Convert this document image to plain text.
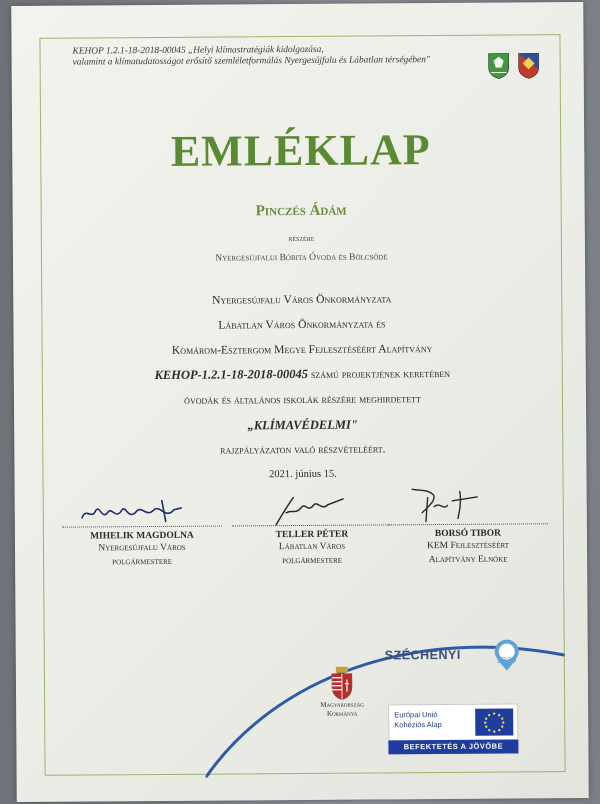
KEHOP 1.2.1-18-2018-00045 „Helyi klímastratégiák kidolgozása,
valamint a klímatudatosságot erősítő szemléletformálás Nyergesújfalu és Lábatlan térségében"
EMLÉKLAP
Pinczés Ádám
részére
Nyergesújfalui Bóbita Óvoda és Bölcsőde
Nyergesújfalu Város Önkormányzata
Lábatlan Város Önkormányzata és
Komárom-Esztergom Megye Fejlesztéséért Alapítvány
KEHOP-1.2.1-18-2018-00045 számú projektjének keretében
óvodák és általános iskolák részére meghirdetett
„KLÍMAVÉDELMI"
rajzpályázaton való részvételéért.
2021. június 15.
MIHELIK MAGDOLNA
Nyergesújfalu Város
polgármestere
TELLER PÉTER
Lábatlan Város
polgármestere
BORSÓ TIBOR
KEM Fejlesztéséért
Alapítvány Elnöke
SZÉCHENYI	2020
Magyarország
Kormánya	Európai Unió
Kohéziós Alap
BEFEKTETÉS A JÖVŐBE
